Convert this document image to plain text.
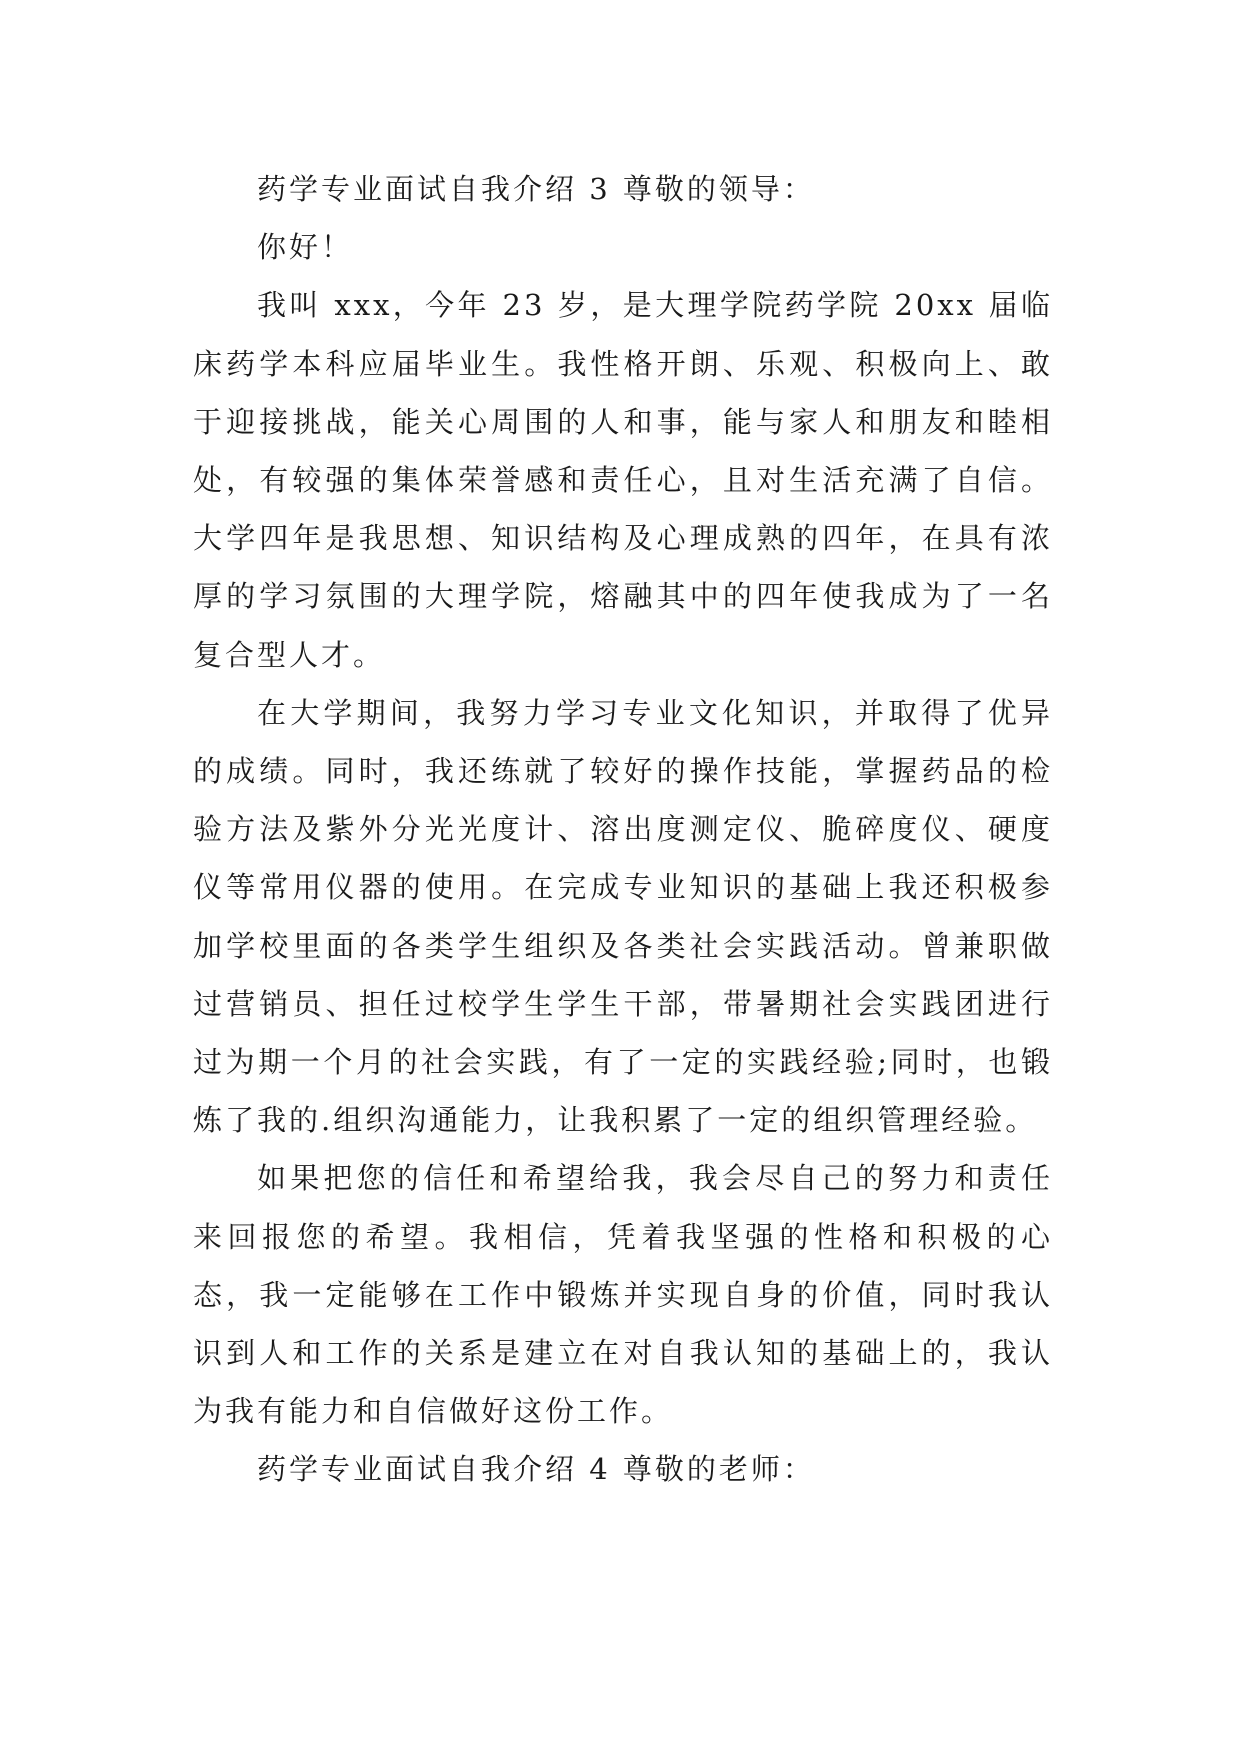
药学专业面试自我介绍 3 尊敬的领导：

你好！

我叫 xxx，今年 23 岁，是大理学院药学院 20xx 届临床药学本科应届毕业生。我性格开朗、乐观、积极向上、敢于迎接挑战，能关心周围的人和事，能与家人和朋友和睦相处，有较强的集体荣誉感和责任心，且对生活充满了自信。大学四年是我思想、知识结构及心理成熟的四年，在具有浓厚的学习氛围的大理学院，熔融其中的四年使我成为了一名复合型人才。

在大学期间，我努力学习专业文化知识，并取得了优异的成绩。同时，我还练就了较好的操作技能，掌握药品的检验方法及紫外分光光度计、溶出度测定仪、脆碎度仪、硬度仪等常用仪器的使用。在完成专业知识的基础上我还积极参加学校里面的各类学生组织及各类社会实践活动。曾兼职做过营销员、担任过校学生学生干部，带暑期社会实践团进行过为期一个月的社会实践，有了一定的实践经验;同时，也锻炼了我的.组织沟通能力，让我积累了一定的组织管理经验。

如果把您的信任和希望给我，我会尽自己的努力和责任来回报您的希望。我相信，凭着我坚强的性格和积极的心态，我一定能够在工作中锻炼并实现自身的价值，同时我认识到人和工作的关系是建立在对自我认知的基础上的，我认为我有能力和自信做好这份工作。

药学专业面试自我介绍 4 尊敬的老师：
